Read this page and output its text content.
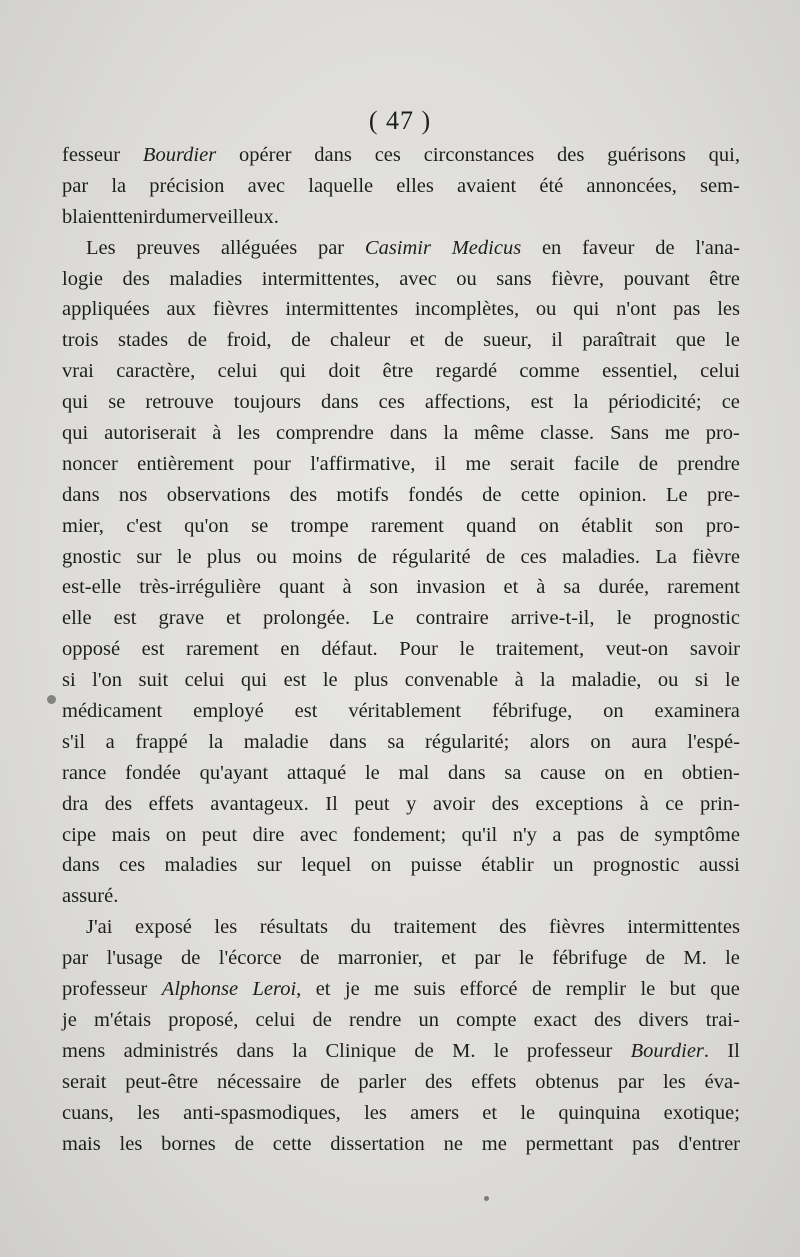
( 47 )
fesseur Bourdier opérer dans ces circonstances des guérisons qui,
par la précision avec laquelle elles avaient été annoncées, sem-
blaient tenir du merveilleux.
Les preuves alléguées par Casimir Medicus en faveur de l'ana-
logie des maladies intermittentes, avec ou sans fièvre, pouvant être
appliquées aux fièvres intermittentes incomplètes, ou qui n'ont pas les
trois stades de froid, de chaleur et de sueur, il paraîtrait que le
vrai caractère, celui qui doit être regardé comme essentiel, celui
qui se retrouve toujours dans ces affections, est la périodicité; ce
qui autoriserait à les comprendre dans la même classe. Sans me pro-
noncer entièrement pour l'affirmative, il me serait facile de prendre
dans nos observations des motifs fondés de cette opinion. Le pre-
mier, c'est qu'on se trompe rarement quand on établit son pro-
gnostic sur le plus ou moins de régularité de ces maladies. La fièvre
est-elle très-irrégulière quant à son invasion et à sa durée, rarement
elle est grave et prolongée. Le contraire arrive-t-il, le prognostic
opposé est rarement en défaut. Pour le traitement, veut-on savoir
si l'on suit celui qui est le plus convenable à la maladie, ou si le
médicament employé est véritablement fébrifuge, on examinera
s'il a frappé la maladie dans sa régularité; alors on aura l'espé-
rance fondée qu'ayant attaqué le mal dans sa cause on en obtien-
dra des effets avantageux. Il peut y avoir des exceptions à ce prin-
cipe mais on peut dire avec fondement; qu'il n'y a pas de symptôme
dans ces maladies sur lequel on puisse établir un prognostic aussi
assuré.
J'ai exposé les résultats du traitement des fièvres intermittentes
par l'usage de l'écorce de marronier, et par le fébrifuge de M. le
professeur Alphonse Leroi, et je me suis efforcé de remplir le but que
je m'étais proposé, celui de rendre un compte exact des divers trai-
mens administrés dans la Clinique de M. le professeur Bourdier. Il
serait peut-être nécessaire de parler des effets obtenus par les éva-
cuans, les anti-spasmodiques, les amers et le quinquina exotique;
mais les bornes de cette dissertation ne me permettant pas d'entrer
